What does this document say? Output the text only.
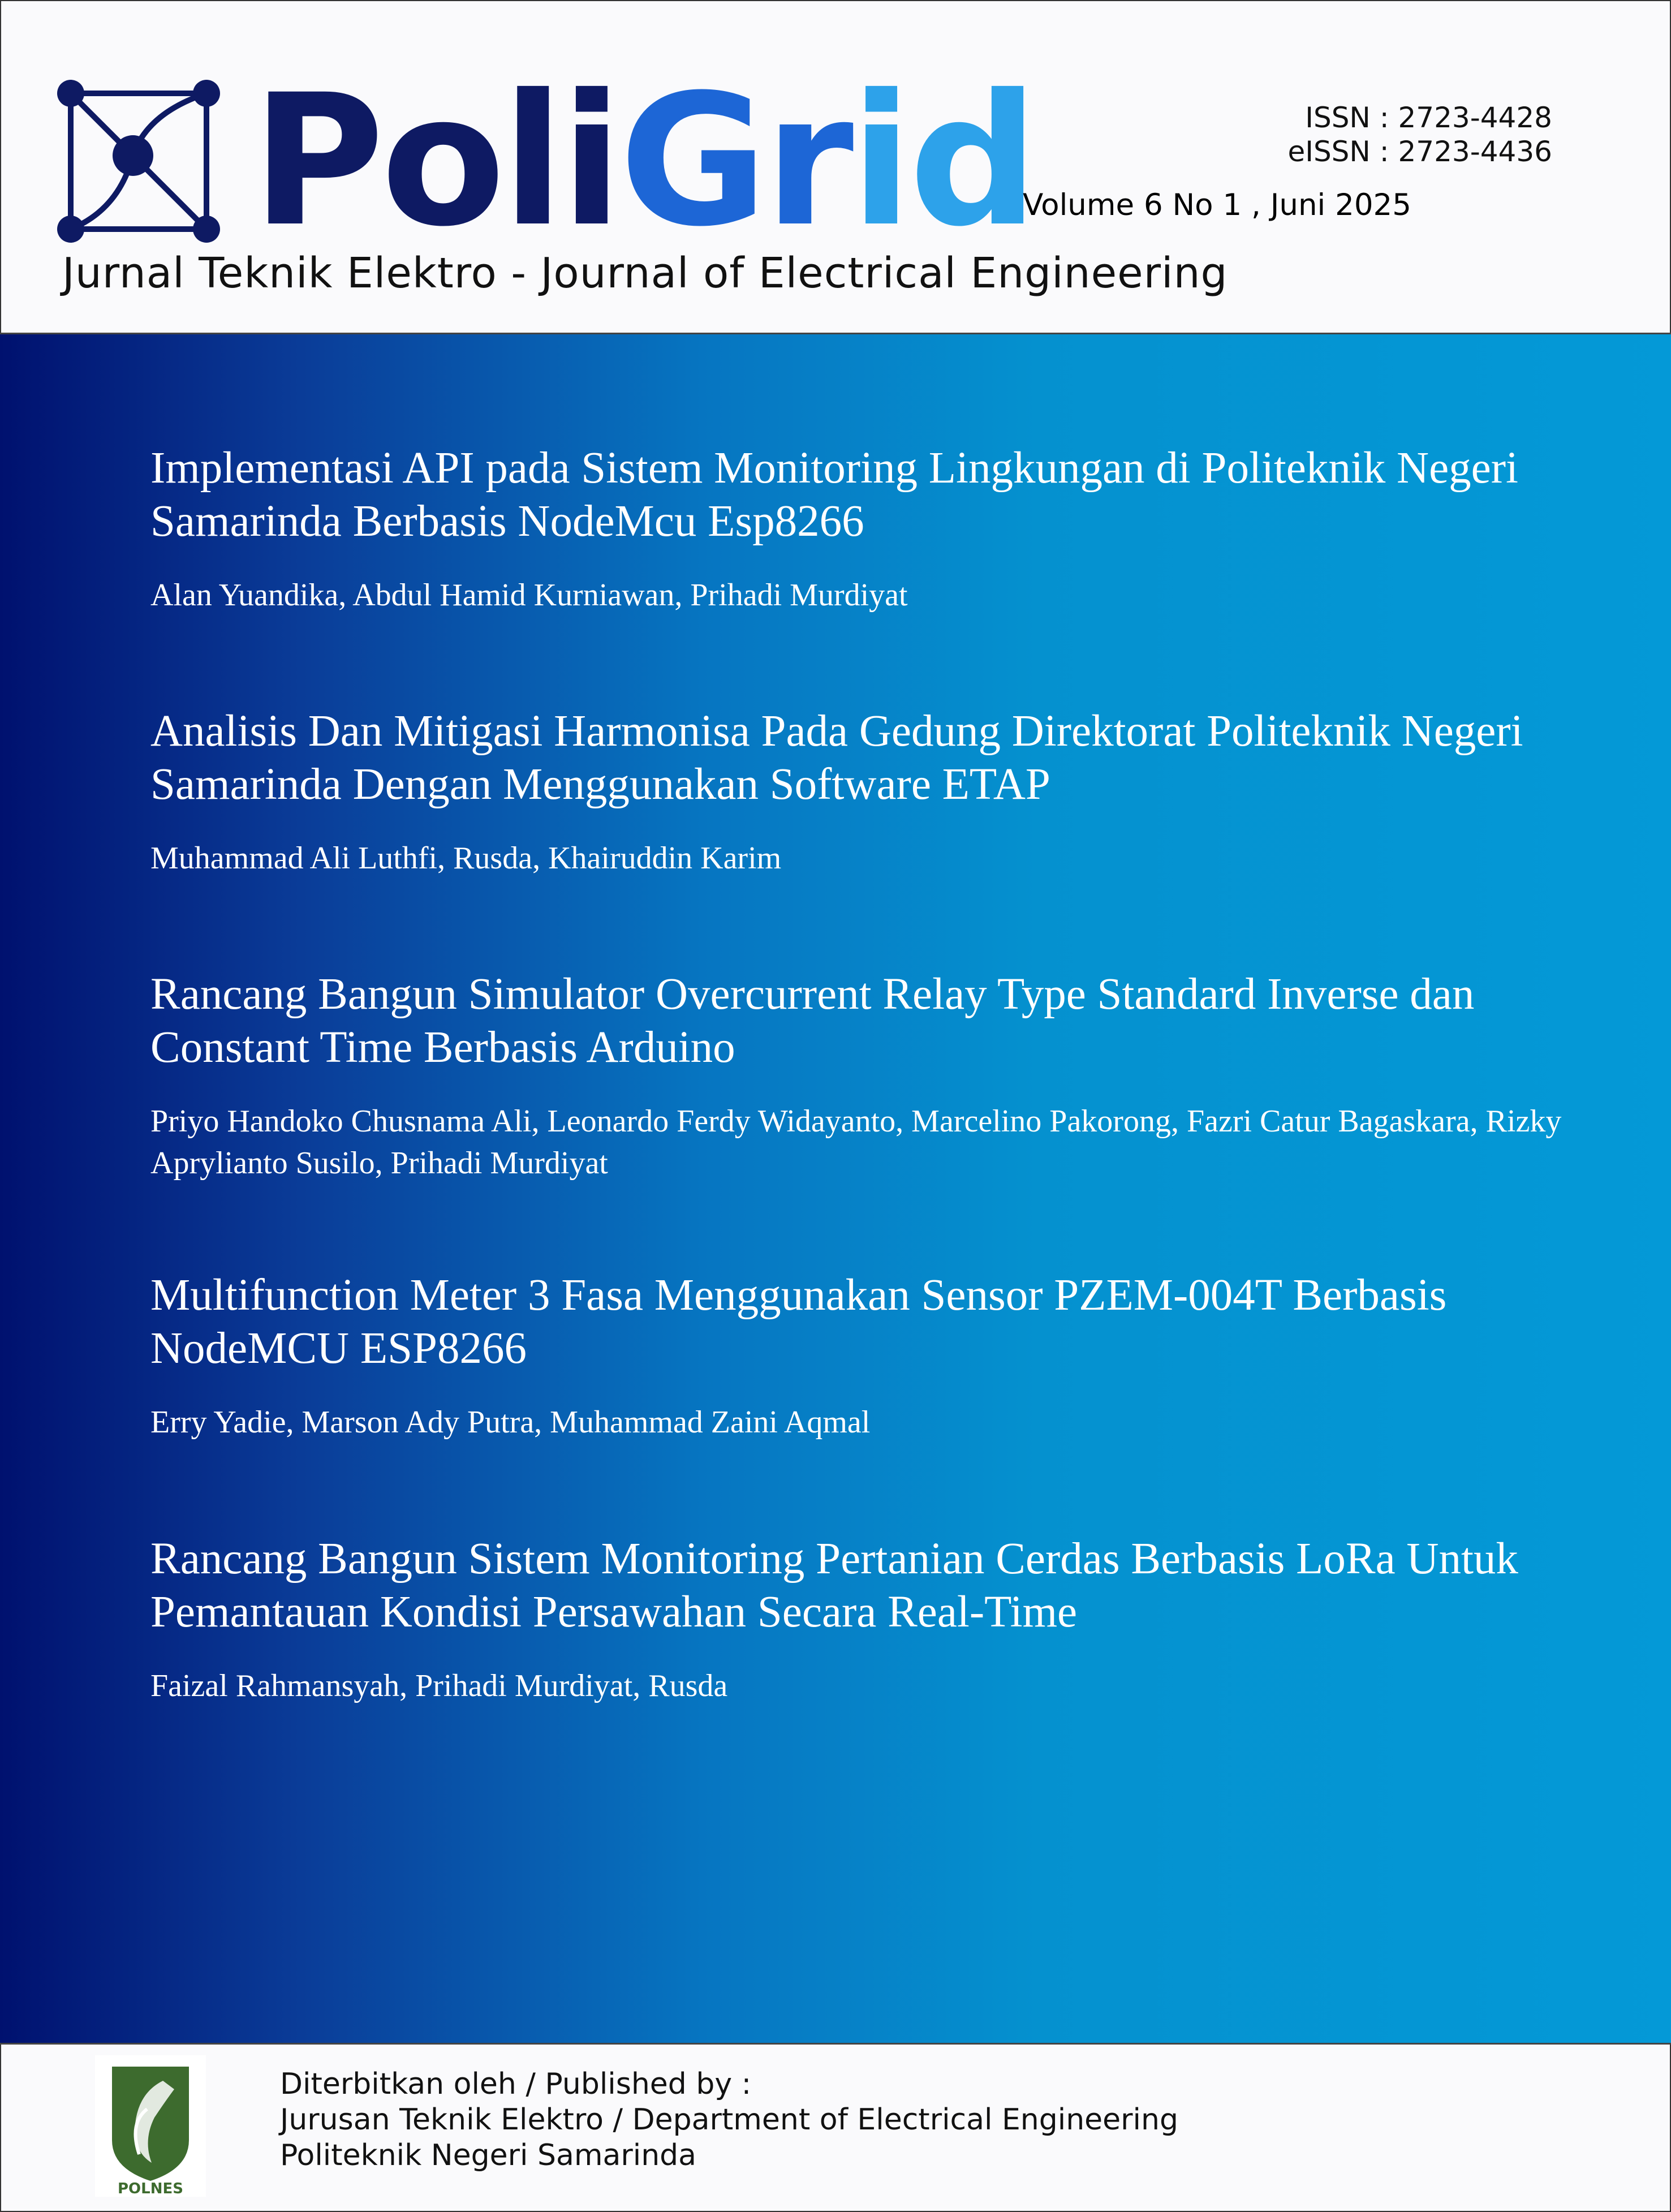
PoliGrid	ISSN : 2723-4428
eISSN : 2723-4436
Volume 6 No 1 , Juni 2025
Jurnal Teknik Elektro - Journal of Electrical Engineering
Implementasi API pada Sistem Monitoring Lingkungan di Politeknik Negeri Samarinda Berbasis NodeMcu Esp8266
Alan Yuandika, Abdul Hamid Kurniawan, Prihadi Murdiyat
Analisis Dan Mitigasi Harmonisa Pada Gedung Direktorat Politeknik Negeri Samarinda Dengan Menggunakan Software ETAP
Muhammad Ali Luthfi, Rusda, Khairuddin Karim
Rancang Bangun Simulator Overcurrent Relay Type Standard Inverse dan Constant Time Berbasis Arduino
Priyo Handoko Chusnama Ali, Leonardo Ferdy Widayanto, Marcelino Pakorong, Fazri Catur Bagaskara, Rizky Aprylianto Susilo, Prihadi Murdiyat
Multifunction Meter 3 Fasa Menggunakan Sensor PZEM-004T Berbasis NodeMCU ESP8266
Erry Yadie, Marson Ady Putra, Muhammad Zaini Aqmal
Rancang Bangun Sistem Monitoring Pertanian Cerdas Berbasis LoRa Untuk Pemantauan Kondisi Persawahan Secara Real-Time
Faizal Rahmansyah, Prihadi Murdiyat, Rusda
POLNES
Diterbitkan oleh / Published by :
Jurusan Teknik Elektro / Department of Electrical Engineering
Politeknik Negeri Samarinda
